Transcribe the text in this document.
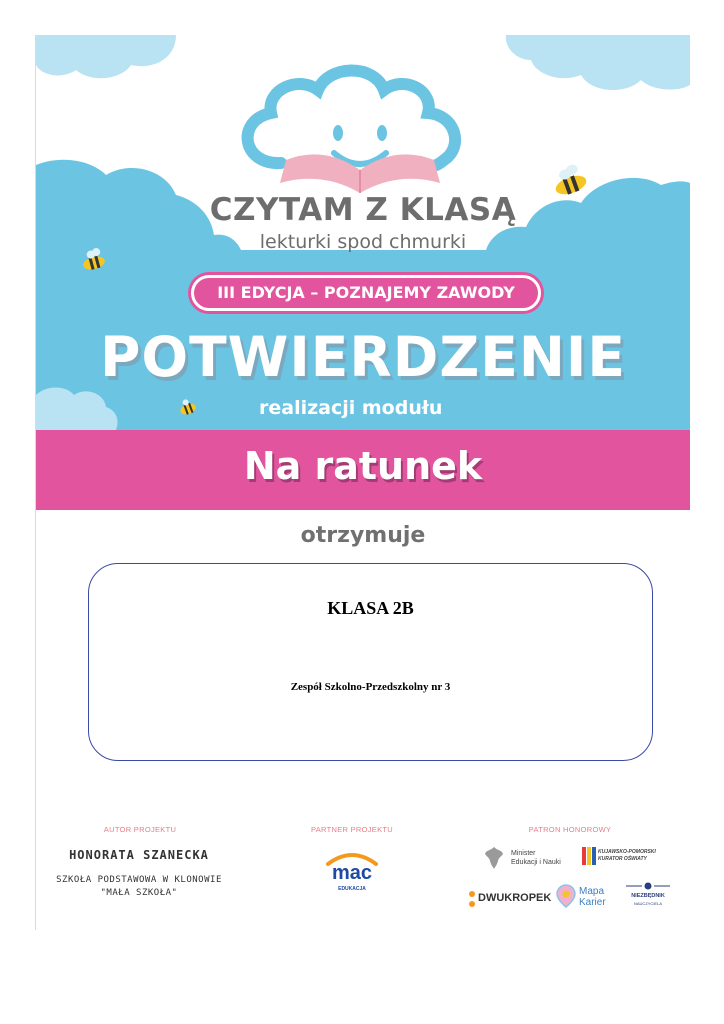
CZYTAM Z KLASĄ
lekturki spod chmurki
III EDYCJA – POZNAJEMY ZAWODY
POTWIERDZENIE
realizacji modułu
Na ratunek
otrzymuje
KLASA 2B
Zespół Szkolno-Przedszkolny nr 3
AUTOR PROJEKTU
HONORATA SZANECKA
SZKOŁA PODSTAWOWA W KLONOWIE
"MAŁA SZKOŁA"
PARTNER PROJEKTU
mac
EDUKACJA
PATRON HONOROWY
Minister
Edukacji i Nauki
KUJAWSKO-POMORSKI KURATOR OŚWIATY
DWUKROPEK
Mapa
Karier
NIEZBĘDNIK
NAUCZYCIELA
